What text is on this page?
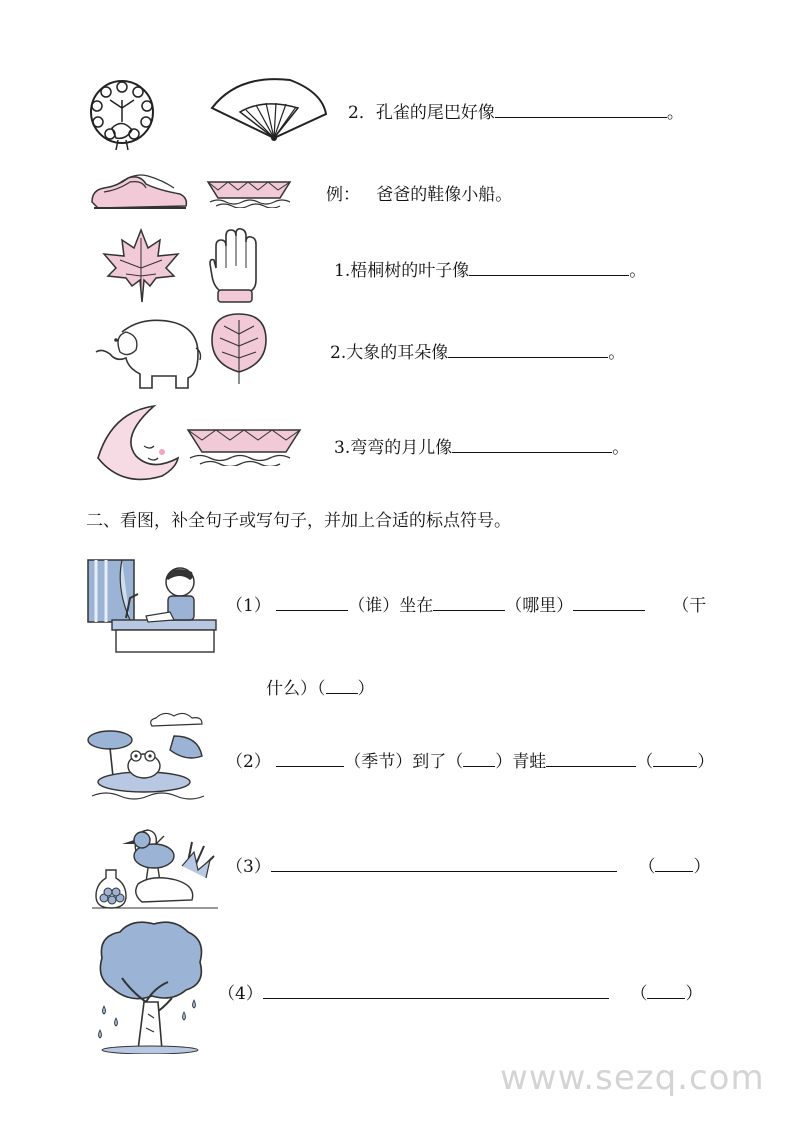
2．孔雀的尾巴好像	。
例： 爸爸的鞋像小船。
1.梧桐树的叶子像	。
2.大象的耳朵像	。
3.弯弯的月儿像	。
二、看图，补全句子或写句子，并加上合适的标点符号。
（1）	（谁）坐在	（哪里）	（干
什么）（ ）
（2）	（季节）到了（ ）青蛙	（	）
（3）	（ ）
（4）	（ ）
www.sezq.com
